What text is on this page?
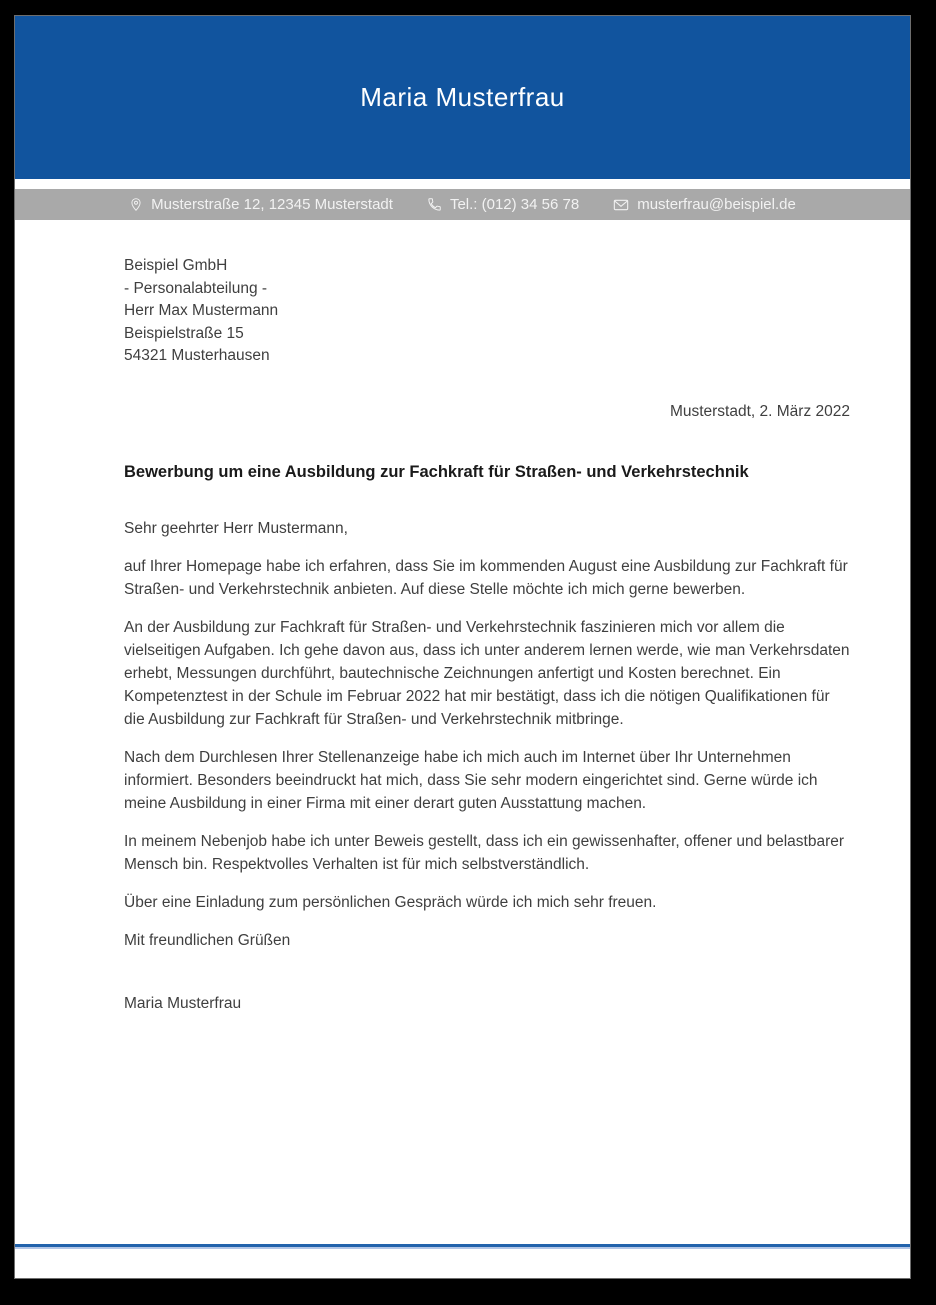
Maria Musterfrau
Musterstraße 12, 12345 Musterstadt	Tel.: (012) 34 56 78	musterfrau@beispiel.de
Beispiel GmbH
- Personalabteilung -
Herr Max Mustermann
Beispielstraße 15
54321 Musterhausen
Musterstadt, 2. März 2022
Bewerbung um eine Ausbildung zur Fachkraft für Straßen- und Verkehrstechnik
Sehr geehrter Herr Mustermann,

auf Ihrer Homepage habe ich erfahren, dass Sie im kommenden August eine Ausbildung zur Fachkraft für Straßen- und Verkehrstechnik anbieten. Auf diese Stelle möchte ich mich gerne bewerben.

An der Ausbildung zur Fachkraft für Straßen- und Verkehrstechnik faszinieren mich vor allem die vielseitigen Aufgaben. Ich gehe davon aus, dass ich unter anderem lernen werde, wie man Verkehrsdaten erhebt, Messungen durchführt, bautechnische Zeichnungen anfertigt und Kosten berechnet. Ein Kompetenztest in der Schule im Februar 2022 hat mir bestätigt, dass ich die nötigen Qualifikationen für die Ausbildung zur Fachkraft für Straßen- und Verkehrstechnik mitbringe.

Nach dem Durchlesen Ihrer Stellenanzeige habe ich mich auch im Internet über Ihr Unternehmen informiert. Besonders beeindruckt hat mich, dass Sie sehr modern eingerichtet sind. Gerne würde ich meine Ausbildung in einer Firma mit einer derart guten Ausstattung machen.

In meinem Nebenjob habe ich unter Beweis gestellt, dass ich ein gewissenhafter, offener und belastbarer Mensch bin. Respektvolles Verhalten ist für mich selbstverständlich.

Über eine Einladung zum persönlichen Gespräch würde ich mich sehr freuen.

Mit freundlichen Grüßen
Maria Musterfrau
